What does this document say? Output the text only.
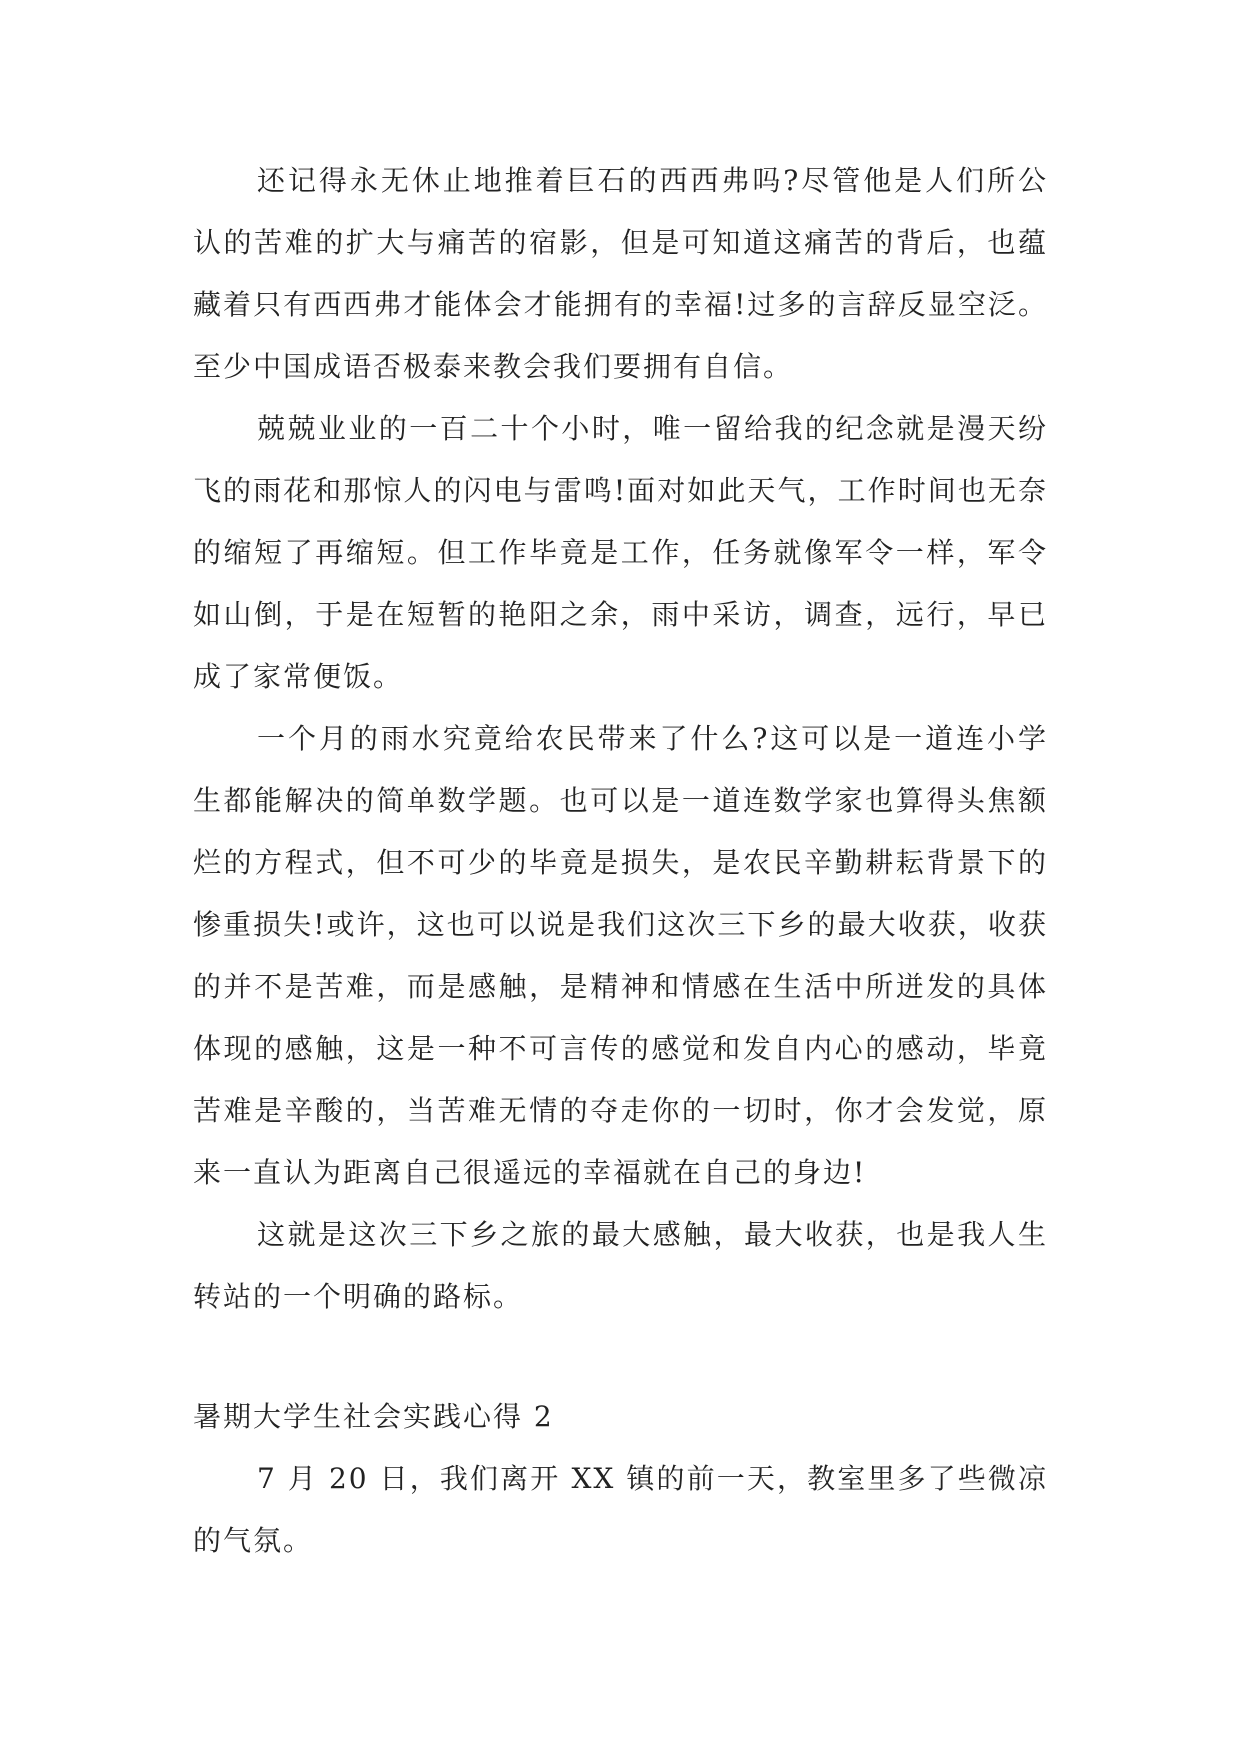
还记得永无休止地推着巨石的西西弗吗?尽管他是人们所公认的苦难的扩大与痛苦的宿影，但是可知道这痛苦的背后，也蕴藏着只有西西弗才能体会才能拥有的幸福!过多的言辞反显空泛。至少中国成语否极泰来教会我们要拥有自信。

兢兢业业的一百二十个小时，唯一留给我的纪念就是漫天纷飞的雨花和那惊人的闪电与雷鸣!面对如此天气，工作时间也无奈的缩短了再缩短。但工作毕竟是工作，任务就像军令一样，军令如山倒，于是在短暂的艳阳之余，雨中采访，调查，远行，早已成了家常便饭。

一个月的雨水究竟给农民带来了什么?这可以是一道连小学生都能解决的简单数学题。也可以是一道连数学家也算得头焦额烂的方程式，但不可少的毕竟是损失，是农民辛勤耕耘背景下的惨重损失!或许，这也可以说是我们这次三下乡的最大收获，收获的并不是苦难，而是感触，是精神和情感在生活中所迸发的具体体现的感触，这是一种不可言传的感觉和发自内心的感动，毕竟苦难是辛酸的，当苦难无情的夺走你的一切时，你才会发觉，原来一直认为距离自己很遥远的幸福就在自己的身边!

这就是这次三下乡之旅的最大感触，最大收获，也是我人生转站的一个明确的路标。

暑期大学生社会实践心得 2

7 月 20 日，我们离开 XX 镇的前一天，教室里多了些微凉的气氛。
